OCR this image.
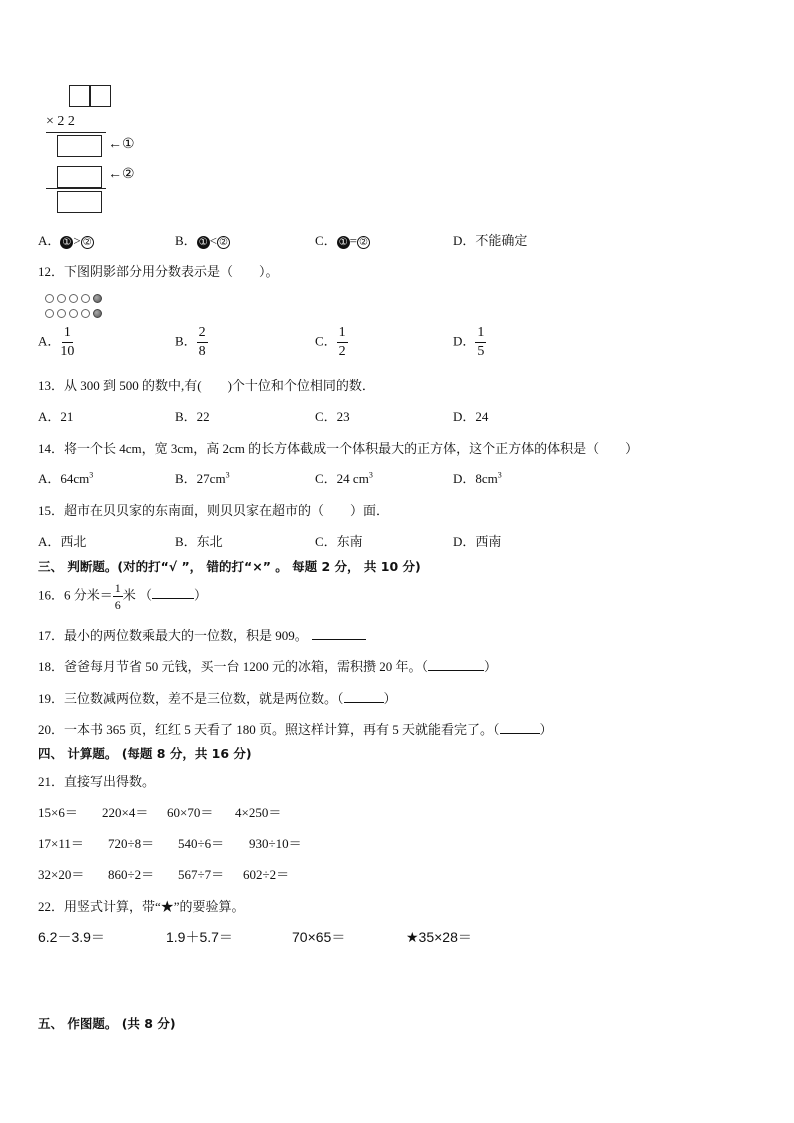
× 2 2
←①
←②
A． ① > ②	B． ① < ②	C． ① = ②	D．不能确定
12．下图阴影部分用分数表示是（　　）。
A． $\frac{1}{10}$	B． $\frac{2}{8}$	C． $\frac{1}{2}$	D． $\frac{1}{5}$
13．从 300 到 500 的数中,有(　　)个十位和个位相同的数．
A．21	B．22	C．23	D．24
14．将一个长 4cm，宽 3cm，高 2cm 的长方体截成一个体积最大的正方体，这个正方体的体积是（　　）
A．$64cm^3$	B．$27cm^3$	C．24 $cm^3$	D．$8cm^3$
15．超市在贝贝家的东南面，则贝贝家在超市的（　　）面．
A．西北	B．东北	C．东南	D．西南
三、 判断题。(对的打“√ ”， 错的打“×” 。 每题 2 分， 共 10 分)
16．6 分米＝ $\frac{1}{6}$ 米 （	）
17．最小的两位数乘最大的一位数，积是 909。
18．爸爸每月节省 50 元钱，买一台 1200 元的冰箱，需积攒 20 年。（	）
19．三位数减两位数，差不是三位数，就是两位数。（	）
20．一本书 365 页，红红 5 天看了 180 页。照这样计算，再有 5 天就能看完了。（	）
四、 计算题。 (每题 8 分，共 16 分)
21．直接写出得数。
15×6＝ 220×4＝ 60×70＝ 4×250＝
17×11＝ 720÷8＝ 540÷6＝ 930÷10＝
32×20＝ 860÷2＝ 567÷7＝ 602÷2＝
22．用竖式计算，带“★”的要验算。
6.2－3.9＝	1.9＋5.7＝	70×65＝	★35×28＝
五、 作图题。 (共 8 分)
